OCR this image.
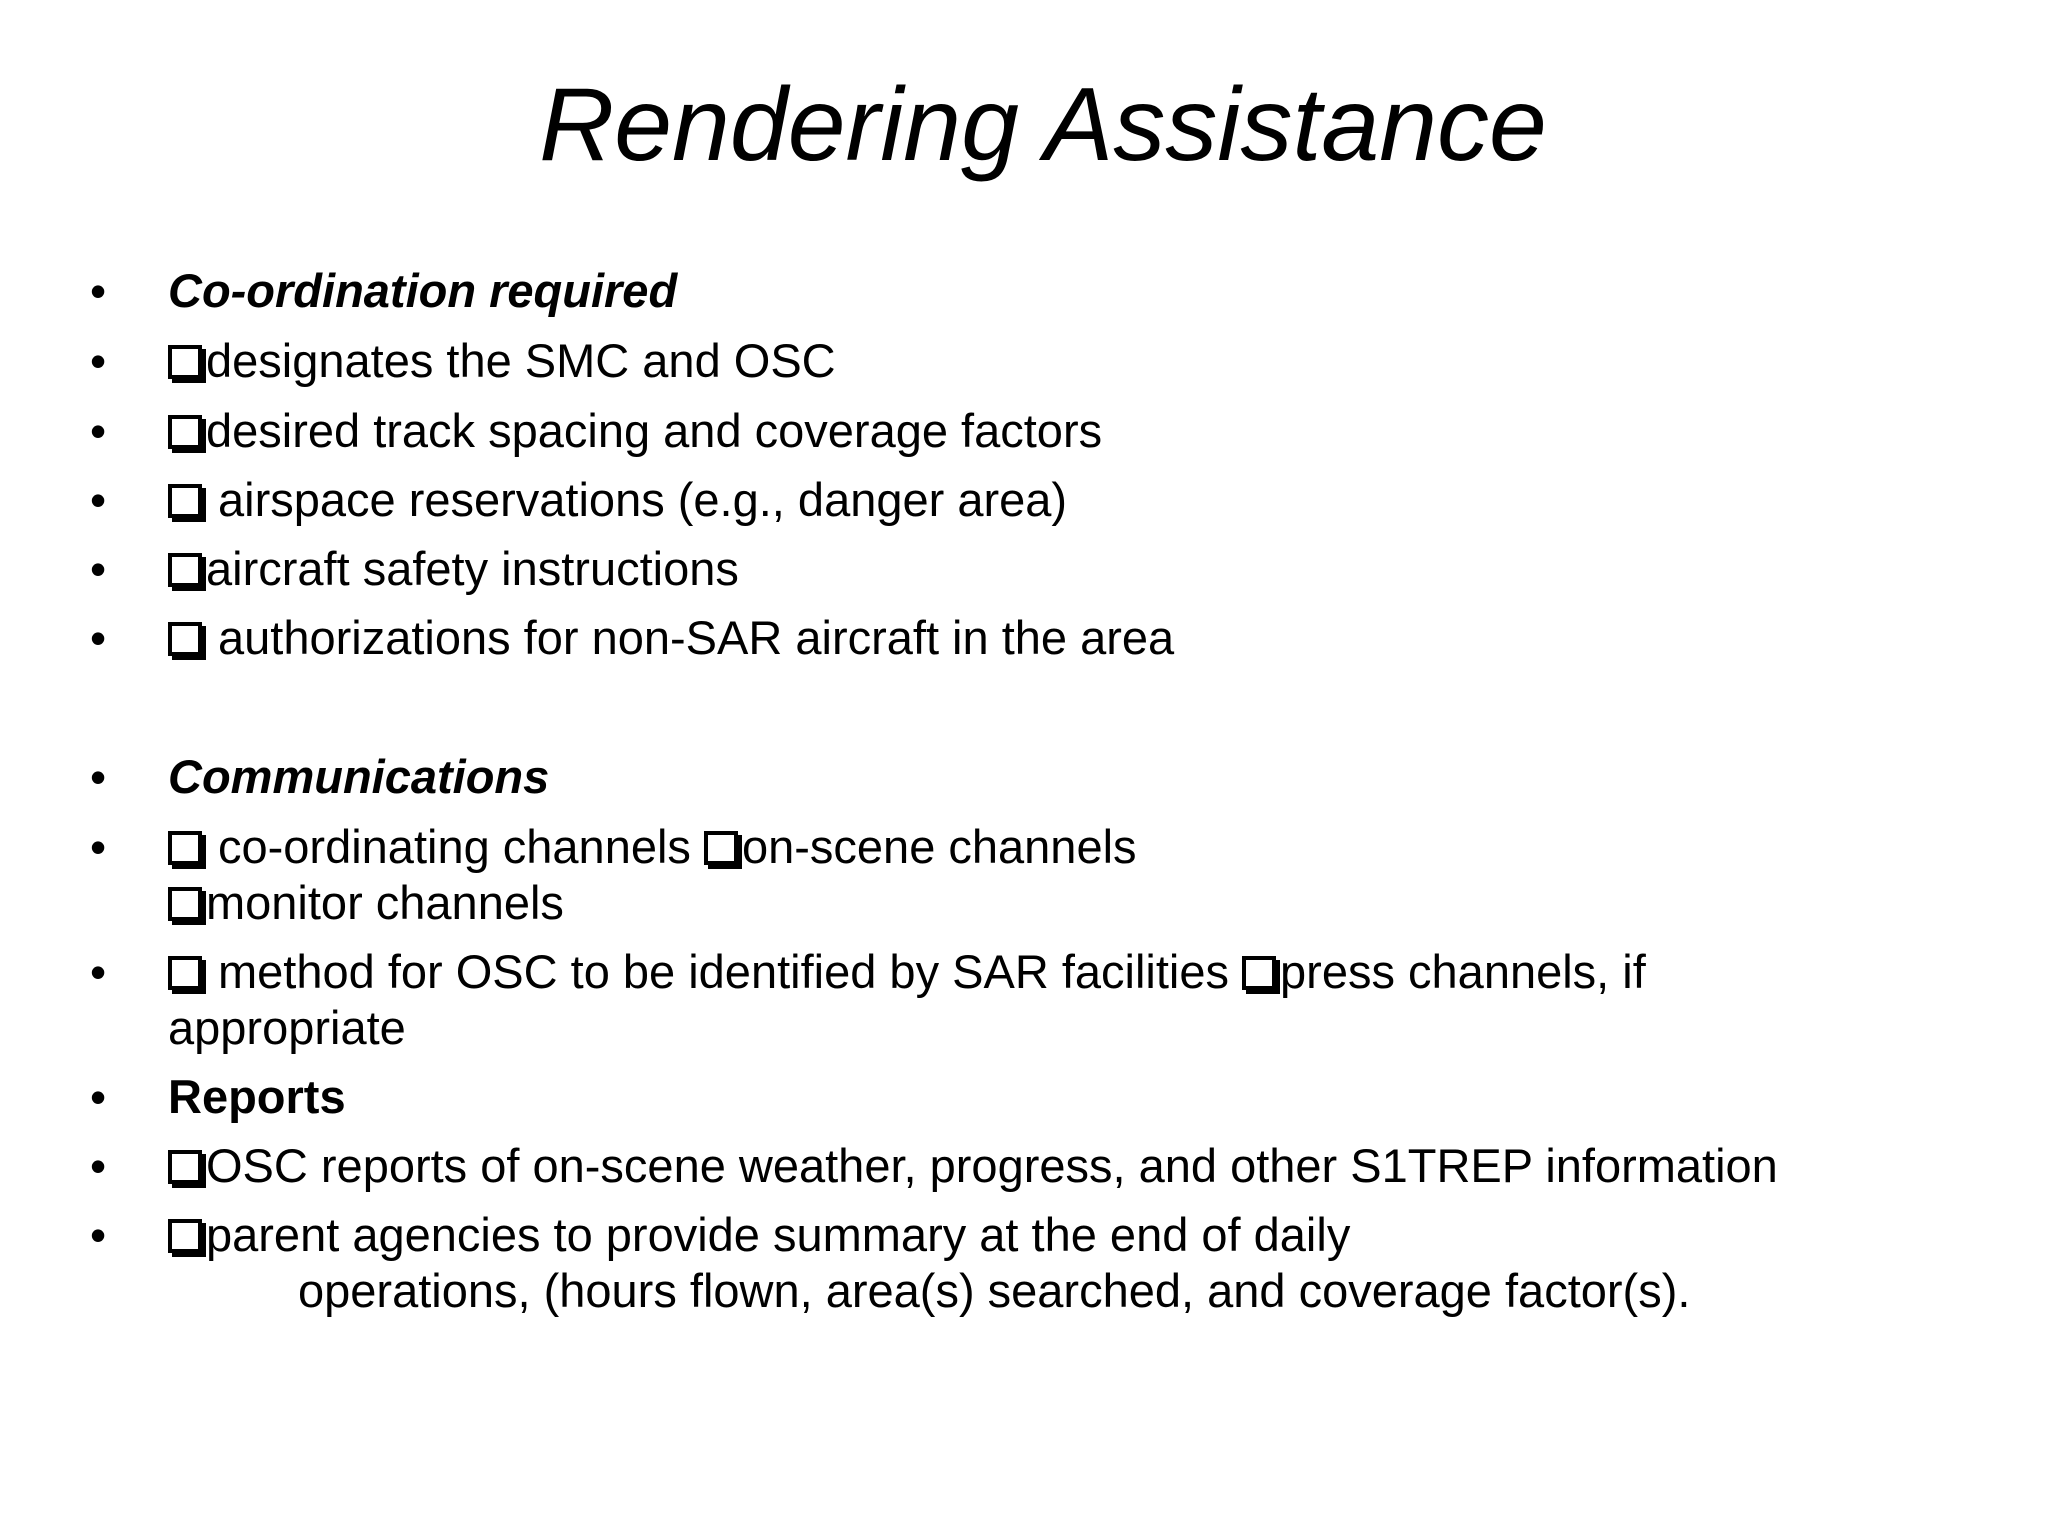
Rendering Assistance
• Co-ordination required
•	designates the SMC and OSC
•	desired track spacing and coverage factors
•	airspace reservations (e.g., danger area)
•	aircraft safety instructions
•	authorizations for non-SAR aircraft in the area
• Communications
•	co-ordinating channels on-scene channels
monitor channels
•	method for OSC to be identified by SAR facilities press channels, if
appropriate
• Reports
•	OSC reports of on-scene weather, progress, and other S1TREP information
•	parent agencies to provide summary at the end of daily
operations, (hours flown, area(s) searched, and coverage factor(s).
